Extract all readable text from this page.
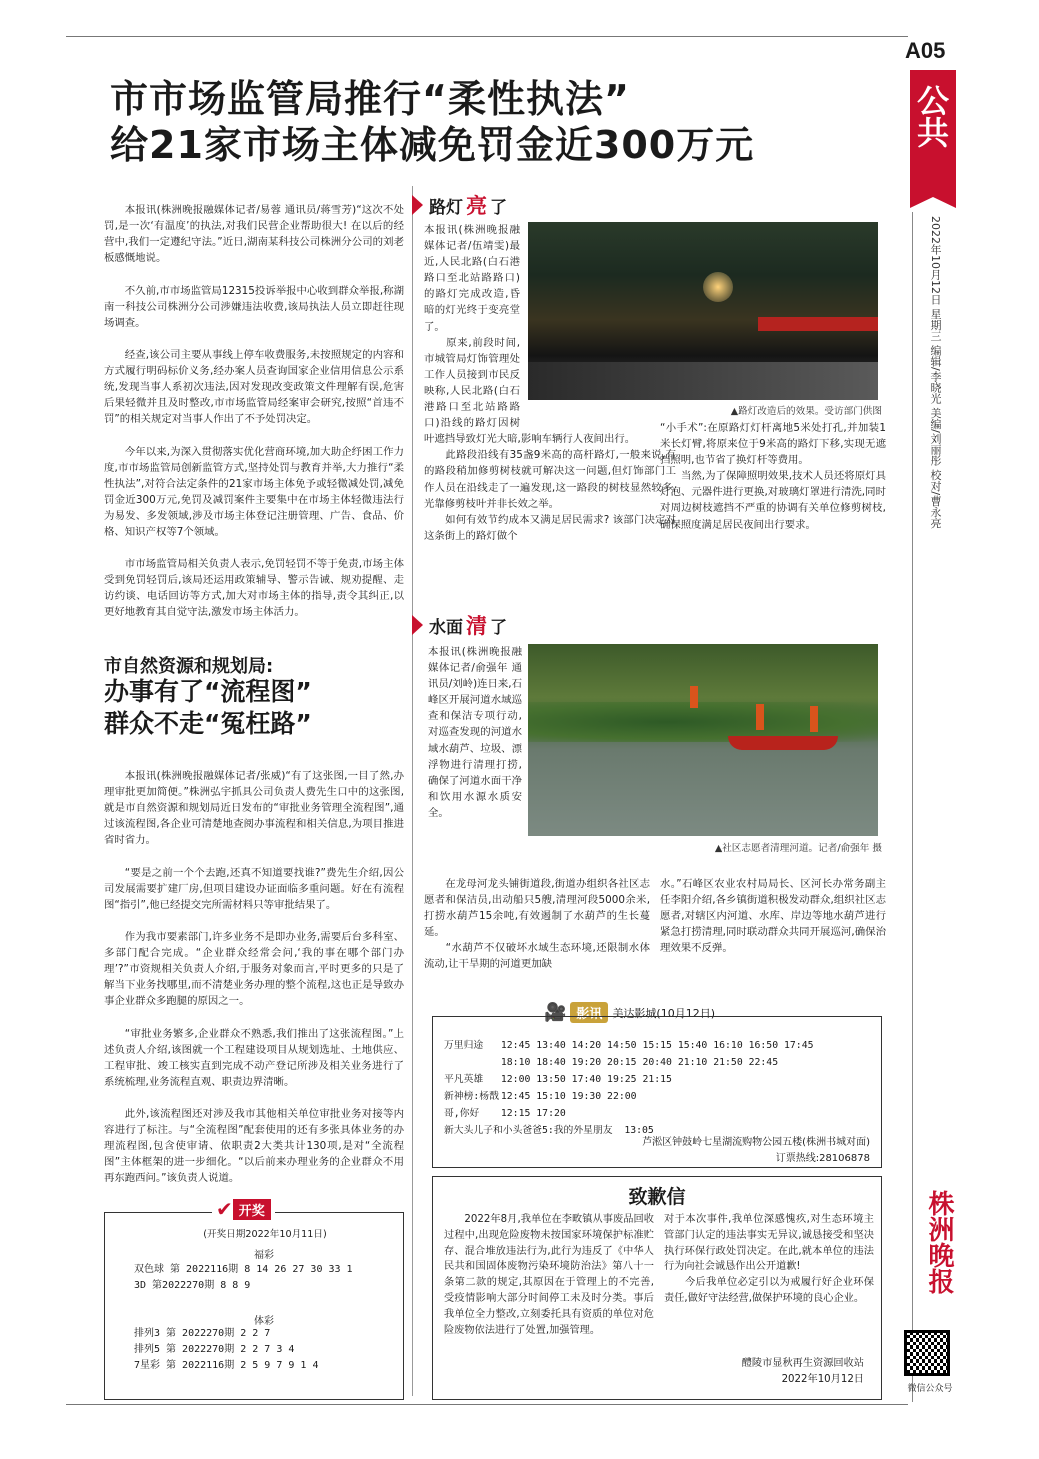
A05
公共
2022年10月12日 星期三 编辑/李晓光 美编/刘丽彤 校对/曹永亮
株洲晚报
微信公众号
市市场监管局推行“柔性执法”
给21家市场主体减免罚金近300万元

本报讯(株洲晚报融媒体记者/易蓉 通讯员/蒋雪芳)“这次不处罚,是一次‘有温度’的执法,对我们民营企业帮助很大! 在以后的经营中,我们一定遵纪守法。”近日,湖南某科技公司株洲分公司的刘老板感慨地说。

不久前,市市场监管局12315投诉举报中心收到群众举报,称湖南一科技公司株洲分公司涉嫌违法收费,该局执法人员立即赶往现场调查。

经查,该公司主要从事线上停车收费服务,未按照规定的内容和方式履行明码标价义务,经办案人员查询国家企业信用信息公示系统,发现当事人系初次违法,因对发现改变政策文件理解有误,危害后果轻微并且及时整改,市市场监管局经案审会研究,按照“首违不罚”的相关规定对当事人作出了不予处罚决定。

今年以来,为深入贯彻落实优化营商环境,加大助企纾困工作力度,市市场监管局创新监管方式,坚持处罚与教育并举,大力推行“柔性执法”,对符合法定条件的21家市场主体免予或轻微减处罚,减免罚金近300万元,免罚及减罚案件主要集中在市场主体轻微违法行为易发、多发领域,涉及市场主体登记注册管理、广告、食品、价格、知识产权等7个领域。

市市场监管局相关负责人表示,免罚轻罚不等于免责,市场主体受到免罚轻罚后,该局还运用政策辅导、警示告诫、规劝提醒、走访约谈、电话回访等方式,加大对市场主体的指导,责令其纠正,以更好地教育其自觉守法,激发市场主体活力。

市自然资源和规划局:
办事有了“流程图”
群众不走“冤枉路”

本报讯(株洲晚报融媒体记者/张威)“有了这张图,一目了然,办理审批更加简便。”株洲弘宇抓具公司负责人费先生口中的这张图,就是市自然资源和规划局近日发布的“审批业务管理全流程图”,通过该流程图,各企业可清楚地查阅办事流程和相关信息,为项目推进省时省力。

“要是之前一个个去跑,还真不知道要找谁?”费先生介绍,因公司发展需要扩建厂房,但项目建设办证面临多重问题。好在有流程图“指引”,他已经提交完所需材料只等审批结果了。

作为我市要素部门,许多业务不是即办业务,需要后台多科室、多部门配合完成。“企业群众经常会问,‘我的事在哪个部门办理’?”市资规相关负责人介绍,于服务对象而言,平时更多的只是了解当下业务找哪里,而不清楚业务办理的整个流程,这也正是导致办事企业群众多跑腿的原因之一。

“审批业务繁多,企业群众不熟悉,我们推出了这张流程图。”上述负责人介绍,该图就一个工程建设项目从规划选址、土地供应、工程审批、竣工核实直到完成不动产登记所涉及相关业务进行了系统梳理,业务流程直观、职责边界清晰。

此外,该流程图还对涉及我市其他相关单位审批业务对接等内容进行了标注。与“全流程图”配套使用的还有多张具体业务的办理流程图,包含使审请、依职责2大类共计130项,是对“全流程图”主体框架的进一步细化。“以后前来办理业务的企业群众不用再东跑西问。”该负责人说道。

✔ 开奖
(开奖日期2022年10月11日)
福彩
双色球 第 2022116期 8 14 26 27 30 33 1
3D 第2022270期 8 8 9
体彩
排列3 第 2022270期 2 2 7
排列5 第 2022270期 2 2 7 3 4
7星彩 第 2022116期 2 5 9 7 9 1 4
路灯 亮 了

▲路灯改造后的效果。受访部门供图
本报讯(株洲晚报融媒体记者/伍靖雯)最近,人民北路(白石港路口至北站路路口)的路灯完成改造,昏暗的灯光终于变亮堂了。
　　原来,前段时间,市城管局灯饰管理处工作人员接到市民反映称,人民北路(白石港路口至北站路路口)沿线的路灯因树叶遮挡导致灯光大暗,影响车辆行人夜间出行。
　　此路段沿线有35盏9米高的高杆路灯,一般来说,有的路段稍加修剪树枝就可解决这一问题,但灯饰部门工作人员在沿线走了一遍发现,这一路段的树枝显然较多,光靠修剪枝叶并非长效之举。
　　如何有效节约成本又满足居民需求? 该部门决定对这条街上的路灯做个
“小手术”:在原路灯灯杆离地5米处打孔,并加装1米长灯臂,将原来位于9米高的路灯下移,实现无遮挡照明,也节省了换灯杆等费用。
　　当然,为了保障照明效果,技术人员还将原灯具灯泡、元器件进行更换,对玻璃灯罩进行清洗,同时对周边树枝遮挡不严重的协调有关单位修剪树枝,确保照度满足居民夜间出行要求。
水面 清 了
本报讯(株洲晚报融媒体记者/俞强年 通讯员/刘岭)连日来,石峰区开展河道水域巡查和保洁专项行动,对巡查发现的河道水域水葫芦、垃圾、漂浮物进行清理打捞,确保了河道水面干净和饮用水源水质安全。
▲社区志愿者清理河道。记者/俞强年 摄
　　在龙母河龙头铺街道段,街道办组织各社区志愿者和保洁员,出动船只5艘,清理河段5000余米,打捞水葫芦15余吨,有效遏制了水葫芦的生长蔓延。
　　“水葫芦不仅破坏水域生态环境,还限制水体流动,让干旱期的河道更加缺
水。”石峰区农业农村局局长、区河长办常务副主任李阳介绍,各乡镇街道积极发动群众,组织社区志愿者,对辖区内河道、水库、岸边等地水葫芦进行紧急打捞清理,同时联动群众共同开展巡河,确保治理效果不反弹。
🎥 影讯 美达影城(10月12日)
万里归途	12:45 13:40 14:20 14:50 15:15 15:40 16:10 16:50 17:45
	18:10 18:40 19:20 20:15 20:40 21:10 21:50 22:45
平凡英雄	12:00 13:50 17:40 19:25 21:15
新神榜:杨戬	12:45 15:10 19:30 22:00
哥,你好	12:15 17:20
新大头儿子和小头爸爸5:我的外星朋友 13:05	
芦淞区钟鼓岭七星湖流购物公园五楼(株洲书城对面)
订票热线:28106878
致歉信
2022年8月,我单位在李畋镇从事废品回收过程中,出现危险废物未按国家环境保护标准贮存、混合堆放违法行为,此行为违反了《中华人民共和国固体废物污染环境防治法》第八十一条第二款的规定,其原因在于管理上的不完善,受疫情影响大部分时间停工未及时分类。事后我单位全力整改,立刻委托具有资质的单位对危险废物依法进行了处置,加强管理。
对于本次事件,我单位深感愧疚,对生态环境主管部门认定的违法事实无异议,诚恳接受和坚决执行环保行政处罚决定。在此,就本单位的违法行为向社会诚恳作出公开道歉!
　　今后我单位必定引以为戒履行好企业环保责任,做好守法经营,做保护环境的良心企业。
醴陵市显秋再生资源回收站
2022年10月12日
